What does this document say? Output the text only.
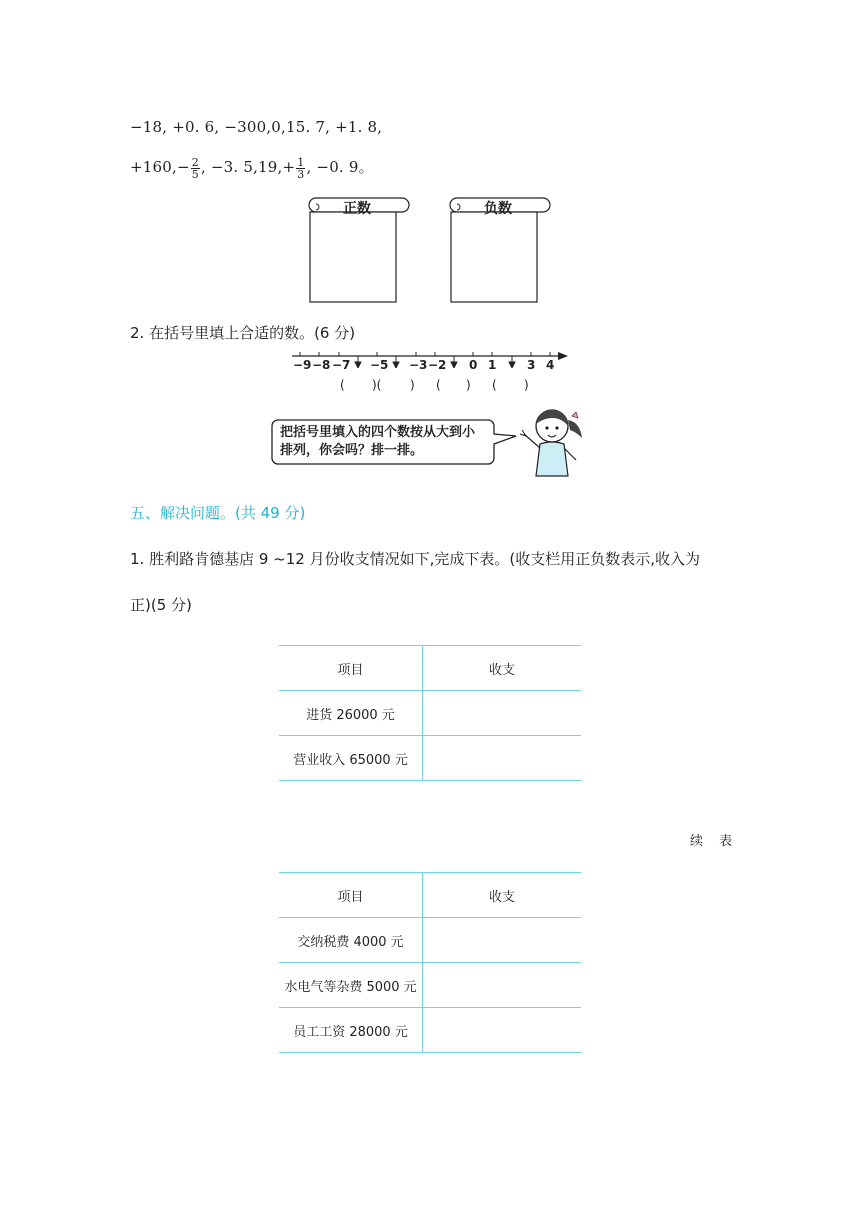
−18, +0. 6, −300,0,15. 7, +1. 8,
$+160,- \frac{2}{5}$ , −3. $5,19,+ \frac{1}{3}$ , −0. 9。
正数	负数
2. 在括号里填上合适的数。(6 分)
−9 −8 −7 −5 −3 −2 0 1	3 4
( )( ) ( ) ( )
把括号里填入的四个数按从大到小
排列，你会吗？排一排。
五、解决问题。(共 49 分)
1. 胜利路肯德基店 9 ~12 月份收支情况如下,完成下表。(收支栏用正负数表示,收入为
正)(5 分)
项目	收支
进货 26000 元	
营业收入 65000 元	
续 表
项目	收支
交纳税费 4000 元	
水电气等杂费 5000 元	
员工工资 28000 元	
